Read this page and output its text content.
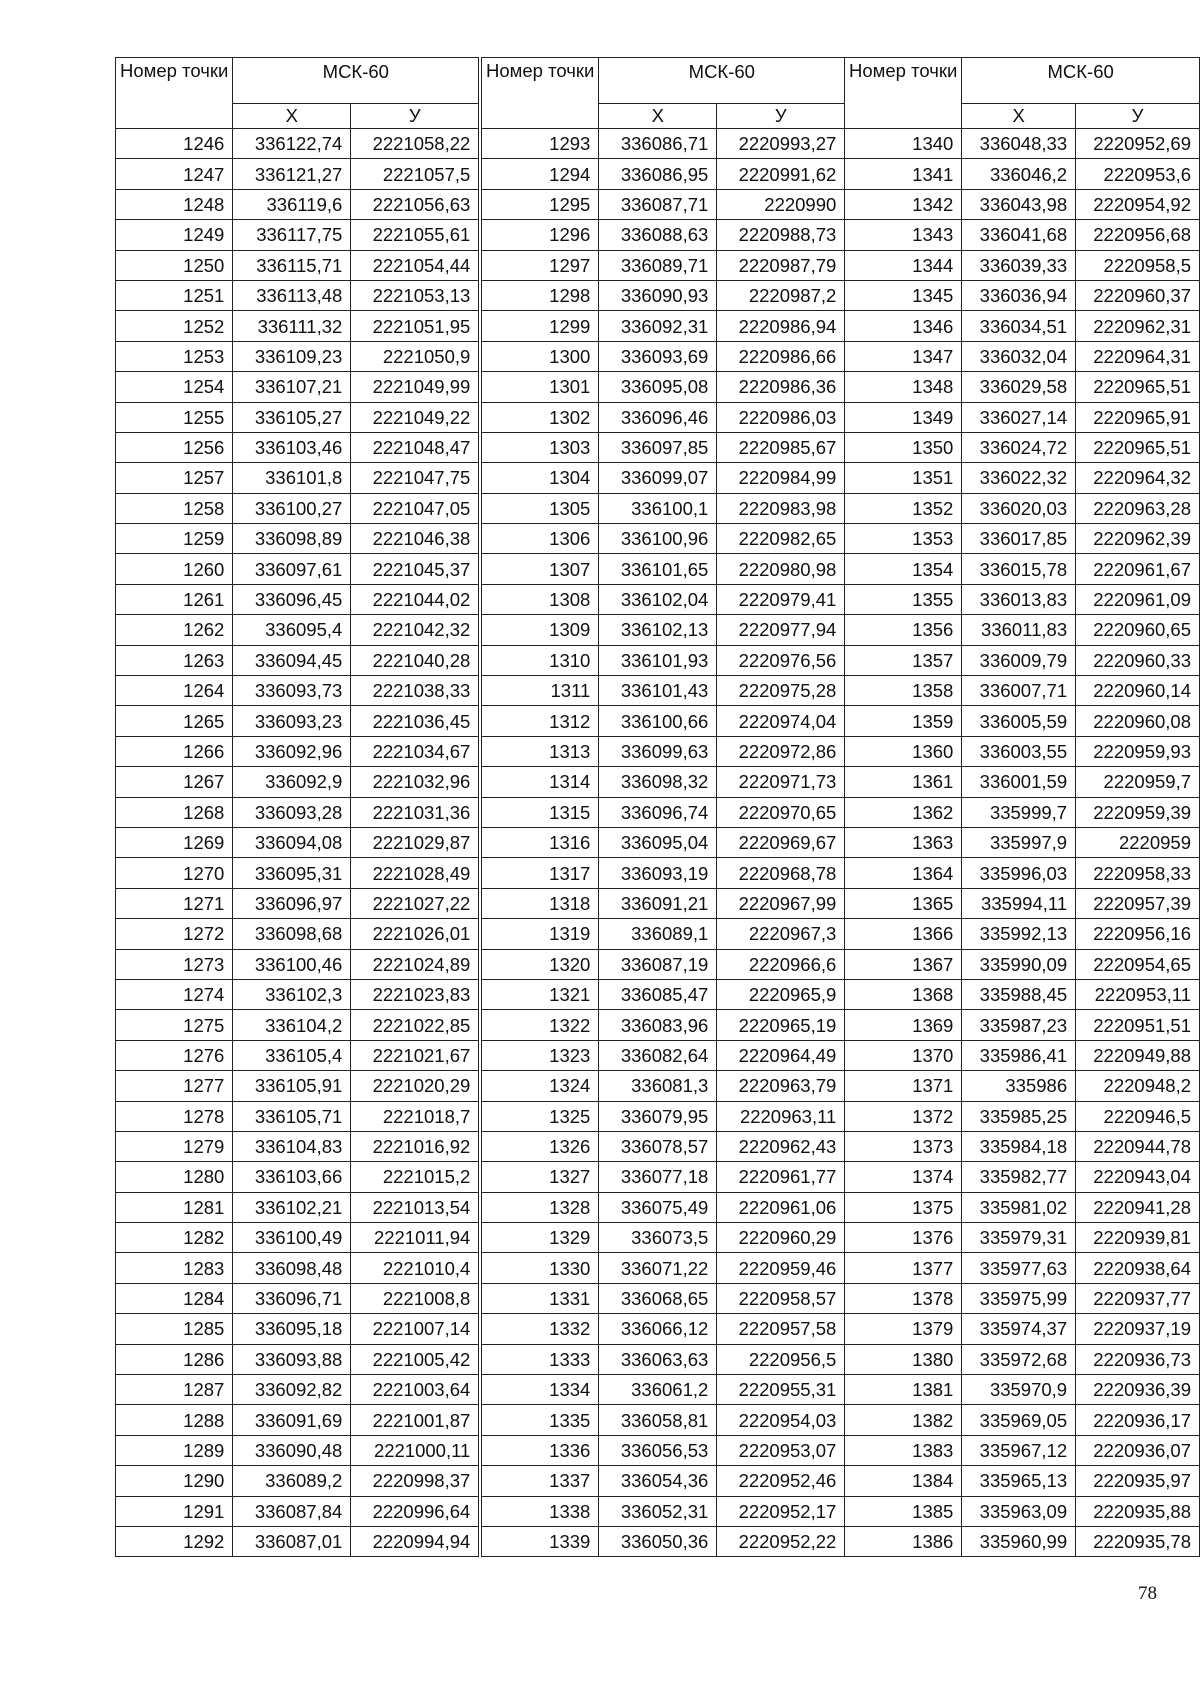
Номер точки	МСК-60	
	Х	У
1246	336122,74	2221058,22
1247	336121,27	2221057,5
1248	336119,6	2221056,63
1249	336117,75	2221055,61
1250	336115,71	2221054,44
1251	336113,48	2221053,13
1252	336111,32	2221051,95
1253	336109,23	2221050,9
1254	336107,21	2221049,99
1255	336105,27	2221049,22
1256	336103,46	2221048,47
1257	336101,8	2221047,75
1258	336100,27	2221047,05
1259	336098,89	2221046,38
1260	336097,61	2221045,37
1261	336096,45	2221044,02
1262	336095,4	2221042,32
1263	336094,45	2221040,28
1264	336093,73	2221038,33
1265	336093,23	2221036,45
1266	336092,96	2221034,67
1267	336092,9	2221032,96
1268	336093,28	2221031,36
1269	336094,08	2221029,87
1270	336095,31	2221028,49
1271	336096,97	2221027,22
1272	336098,68	2221026,01
1273	336100,46	2221024,89
1274	336102,3	2221023,83
1275	336104,2	2221022,85
1276	336105,4	2221021,67
1277	336105,91	2221020,29
1278	336105,71	2221018,7
1279	336104,83	2221016,92
1280	336103,66	2221015,2
1281	336102,21	2221013,54
1282	336100,49	2221011,94
1283	336098,48	2221010,4
1284	336096,71	2221008,8
1285	336095,18	2221007,14
1286	336093,88	2221005,42
1287	336092,82	2221003,64
1288	336091,69	2221001,87
1289	336090,48	2221000,11
1290	336089,2	2220998,37
1291	336087,84	2220996,64
1292	336087,01	2220994,94
Номер точки	МСК-60	
	Х	У
1293	336086,71	2220993,27
1294	336086,95	2220991,62
1295	336087,71	2220990
1296	336088,63	2220988,73
1297	336089,71	2220987,79
1298	336090,93	2220987,2
1299	336092,31	2220986,94
1300	336093,69	2220986,66
1301	336095,08	2220986,36
1302	336096,46	2220986,03
1303	336097,85	2220985,67
1304	336099,07	2220984,99
1305	336100,1	2220983,98
1306	336100,96	2220982,65
1307	336101,65	2220980,98
1308	336102,04	2220979,41
1309	336102,13	2220977,94
1310	336101,93	2220976,56
1311	336101,43	2220975,28
1312	336100,66	2220974,04
1313	336099,63	2220972,86
1314	336098,32	2220971,73
1315	336096,74	2220970,65
1316	336095,04	2220969,67
1317	336093,19	2220968,78
1318	336091,21	2220967,99
1319	336089,1	2220967,3
1320	336087,19	2220966,6
1321	336085,47	2220965,9
1322	336083,96	2220965,19
1323	336082,64	2220964,49
1324	336081,3	2220963,79
1325	336079,95	2220963,11
1326	336078,57	2220962,43
1327	336077,18	2220961,77
1328	336075,49	2220961,06
1329	336073,5	2220960,29
1330	336071,22	2220959,46
1331	336068,65	2220958,57
1332	336066,12	2220957,58
1333	336063,63	2220956,5
1334	336061,2	2220955,31
1335	336058,81	2220954,03
1336	336056,53	2220953,07
1337	336054,36	2220952,46
1338	336052,31	2220952,17
1339	336050,36	2220952,22
Номер точки	МСК-60	
	Х	У
1340	336048,33	2220952,69
1341	336046,2	2220953,6
1342	336043,98	2220954,92
1343	336041,68	2220956,68
1344	336039,33	2220958,5
1345	336036,94	2220960,37
1346	336034,51	2220962,31
1347	336032,04	2220964,31
1348	336029,58	2220965,51
1349	336027,14	2220965,91
1350	336024,72	2220965,51
1351	336022,32	2220964,32
1352	336020,03	2220963,28
1353	336017,85	2220962,39
1354	336015,78	2220961,67
1355	336013,83	2220961,09
1356	336011,83	2220960,65
1357	336009,79	2220960,33
1358	336007,71	2220960,14
1359	336005,59	2220960,08
1360	336003,55	2220959,93
1361	336001,59	2220959,7
1362	335999,7	2220959,39
1363	335997,9	2220959
1364	335996,03	2220958,33
1365	335994,11	2220957,39
1366	335992,13	2220956,16
1367	335990,09	2220954,65
1368	335988,45	2220953,11
1369	335987,23	2220951,51
1370	335986,41	2220949,88
1371	335986	2220948,2
1372	335985,25	2220946,5
1373	335984,18	2220944,78
1374	335982,77	2220943,04
1375	335981,02	2220941,28
1376	335979,31	2220939,81
1377	335977,63	2220938,64
1378	335975,99	2220937,77
1379	335974,37	2220937,19
1380	335972,68	2220936,73
1381	335970,9	2220936,39
1382	335969,05	2220936,17
1383	335967,12	2220936,07
1384	335965,13	2220935,97
1385	335963,09	2220935,88
1386	335960,99	2220935,78
78
